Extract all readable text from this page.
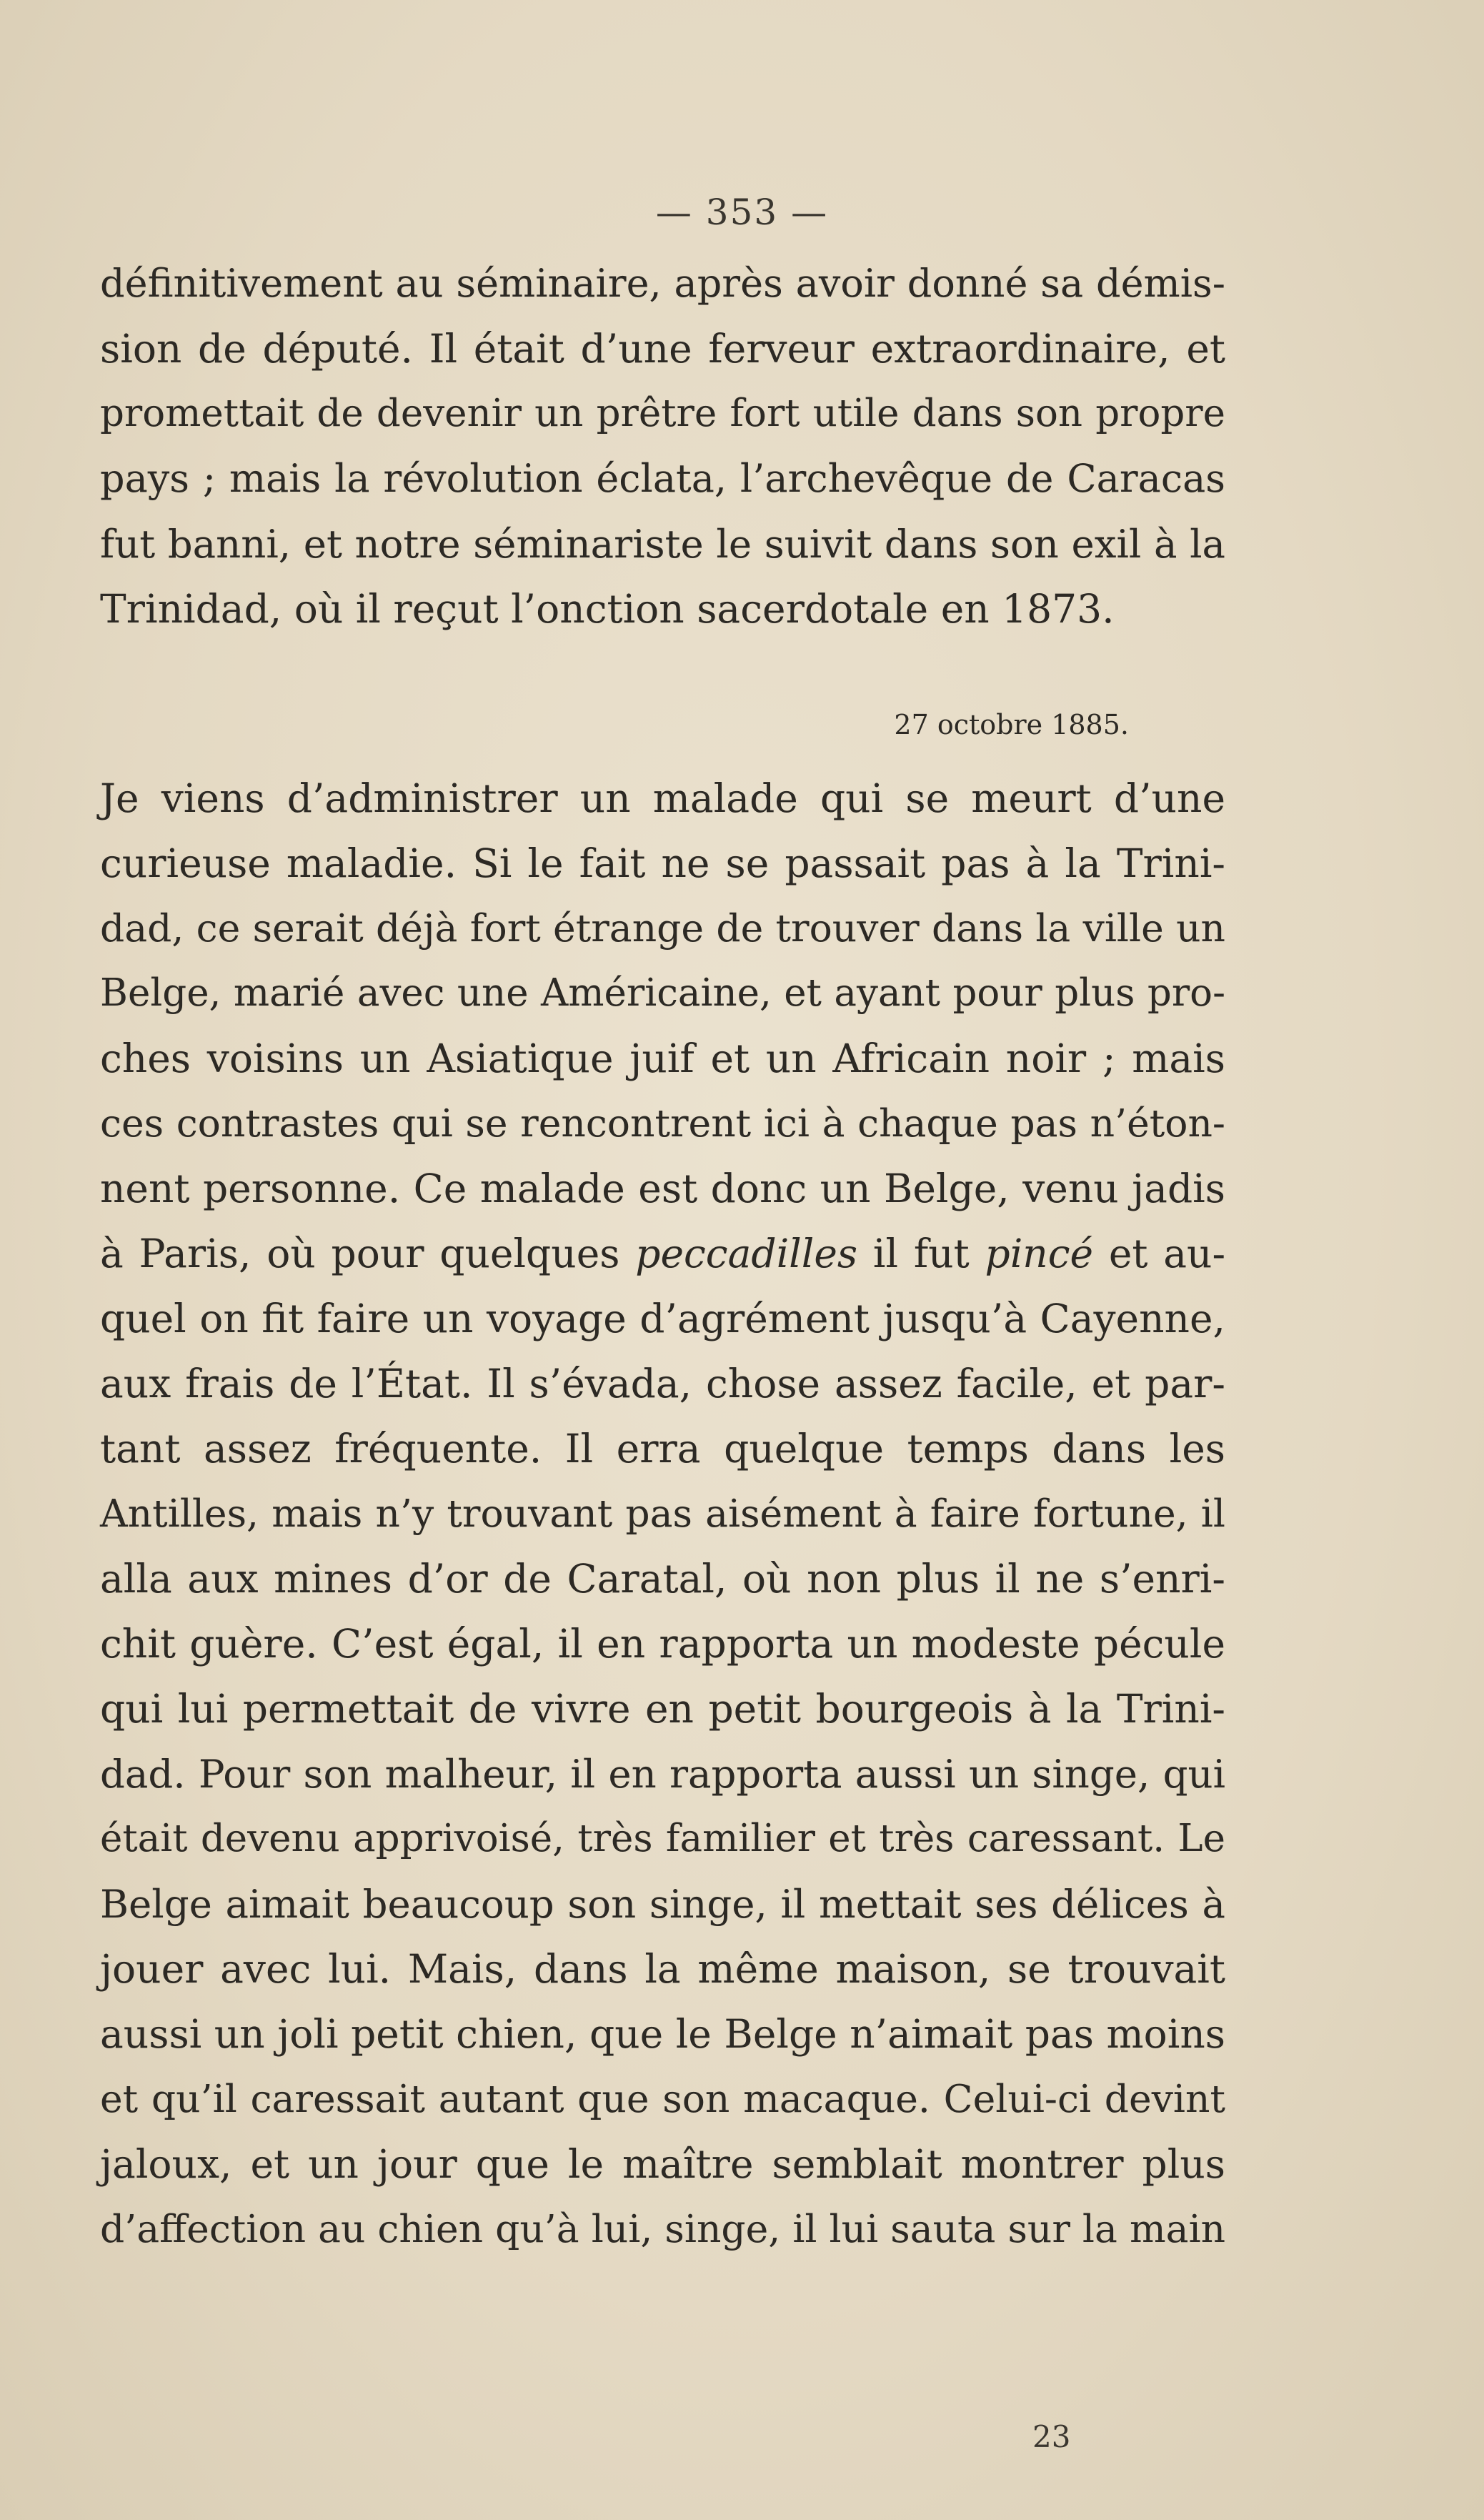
— 353 —
définitivement au séminaire, après avoir donné sa démis-
sion de député. Il était d’une ferveur extraordinaire, et
promettait de devenir un prêtre fort utile dans son propre
pays ; mais la révolution éclata, l’archevêque de Caracas
fut banni, et notre séminariste le suivit dans son exil à la
Trinidad, où il reçut l’onction sacerdotale en 1873.
27 octobre 1885.
Je viens d’administrer un malade qui se meurt d’une
curieuse maladie. Si le fait ne se passait pas à la Trini-
dad, ce serait déjà fort étrange de trouver dans la ville un
Belge, marié avec une Américaine, et ayant pour plus pro-
ches voisins un Asiatique juif et un Africain noir ; mais
ces contrastes qui se rencontrent ici à chaque pas n’éton-
nent personne. Ce malade est donc un Belge, venu jadis
à Paris, où pour quelques peccadilles il fut pincé et au-
quel on fit faire un voyage d’agrément jusqu’à Cayenne,
aux frais de l’État. Il s’évada, chose assez facile, et par-
tant assez fréquente. Il erra quelque temps dans les
Antilles, mais n’y trouvant pas aisément à faire fortune, il
alla aux mines d’or de Caratal, où non plus il ne s’enri-
chit guère. C’est égal, il en rapporta un modeste pécule
qui lui permettait de vivre en petit bourgeois à la Trini-
dad. Pour son malheur, il en rapporta aussi un singe, qui
était devenu apprivoisé, très familier et très caressant. Le
Belge aimait beaucoup son singe, il mettait ses délices à
jouer avec lui. Mais, dans la même maison, se trouvait
aussi un joli petit chien, que le Belge n’aimait pas moins
et qu’il caressait autant que son macaque. Celui-ci devint
jaloux, et un jour que le maître semblait montrer plus
d’affection au chien qu’à lui, singe, il lui sauta sur la main
23
